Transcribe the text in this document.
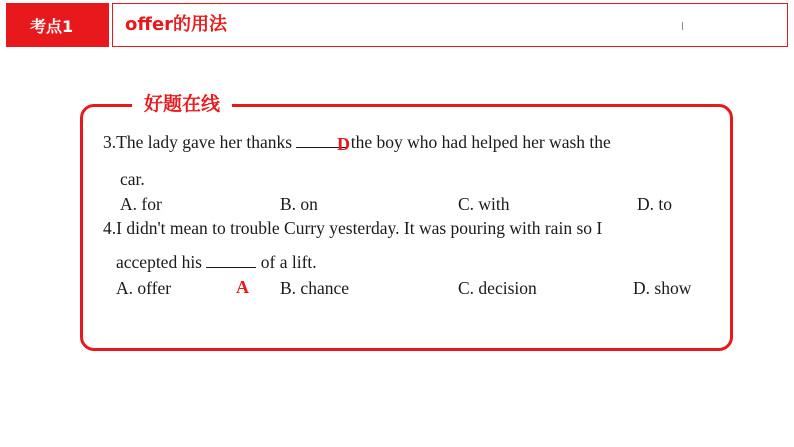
考点1	offer的用法
好题在线
3.The lady gave her thanks	the boy who had helped her wash the
D
car.
A. for	B. on	C. with	D. to
4.I didn't mean to trouble Curry yesterday. It was pouring with rain so I
accepted his	of a lift.
A. offer	A B. chance	C. decision	D. show
